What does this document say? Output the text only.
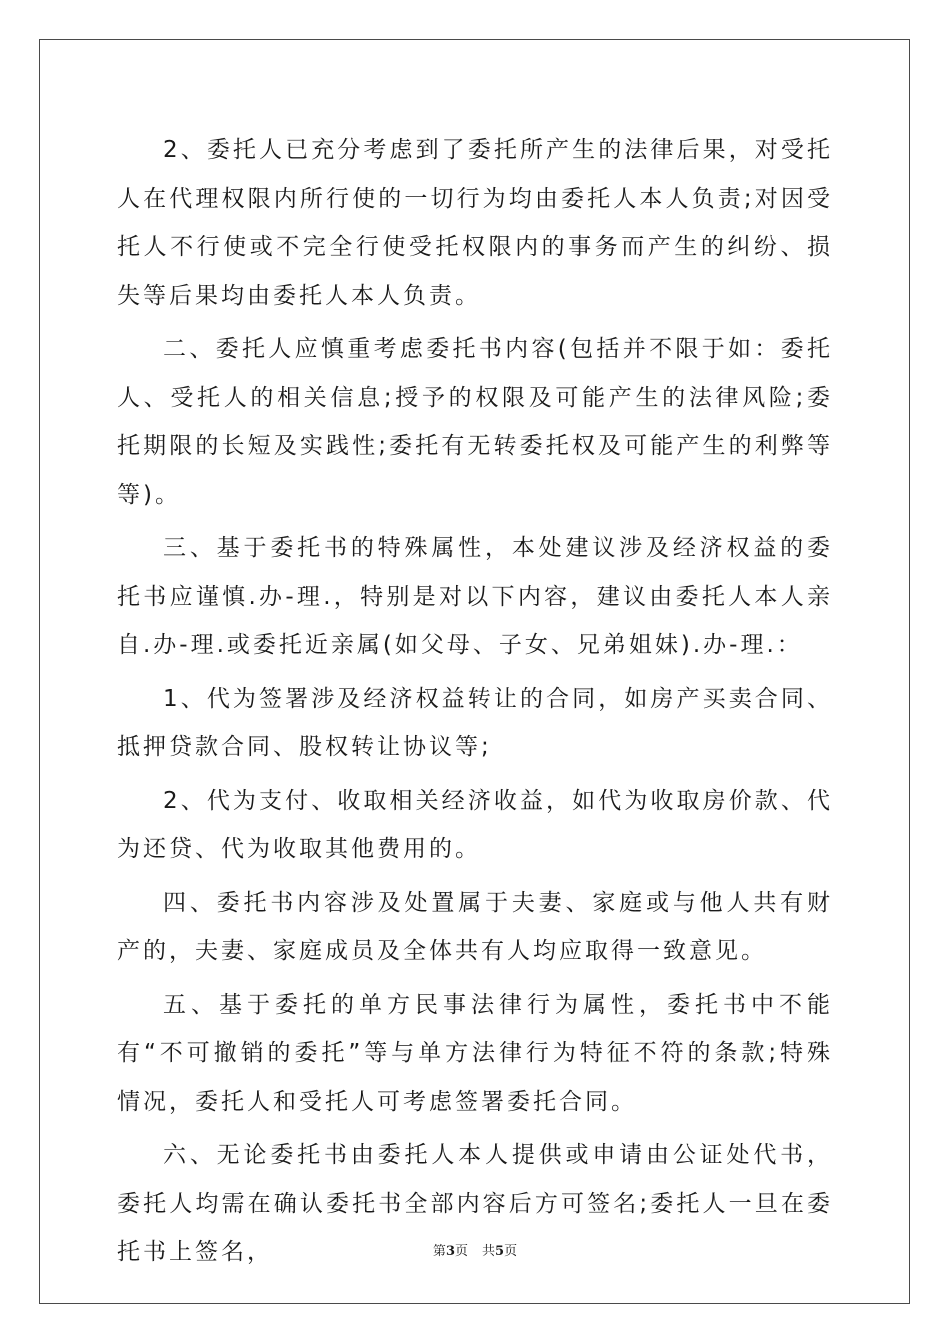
2、委托人已充分考虑到了委托所产生的法律后果，对受托人在代理权限内所行使的一切行为均由委托人本人负责;对因受托人不行使或不完全行使受托权限内的事务而产生的纠纷、损失等后果均由委托人本人负责。

二、委托人应慎重考虑委托书内容(包括并不限于如：委托人、受托人的相关信息;授予的权限及可能产生的法律风险;委托期限的长短及实践性;委托有无转委托权及可能产生的利弊等等)。

三、基于委托书的特殊属性，本处建议涉及经济权益的委托书应谨慎.办-理.，特别是对以下内容，建议由委托人本人亲自.办-理.或委托近亲属(如父母、子女、兄弟姐妹).办-理.：

1、代为签署涉及经济权益转让的合同，如房产买卖合同、抵押贷款合同、股权转让协议等;

2、代为支付、收取相关经济收益，如代为收取房价款、代为还贷、代为收取其他费用的。

四、委托书内容涉及处置属于夫妻、家庭或与他人共有财产的，夫妻、家庭成员及全体共有人均应取得一致意见。

五、基于委托的单方民事法律行为属性，委托书中不能有“不可撤销的委托”等与单方法律行为特征不符的条款;特殊情况，委托人和受托人可考虑签署委托合同。

六、无论委托书由委托人本人提供或申请由公证处代书，委托人均需在确认委托书全部内容后方可签名;委托人一旦在委托书上签名，	第3页 共5页
